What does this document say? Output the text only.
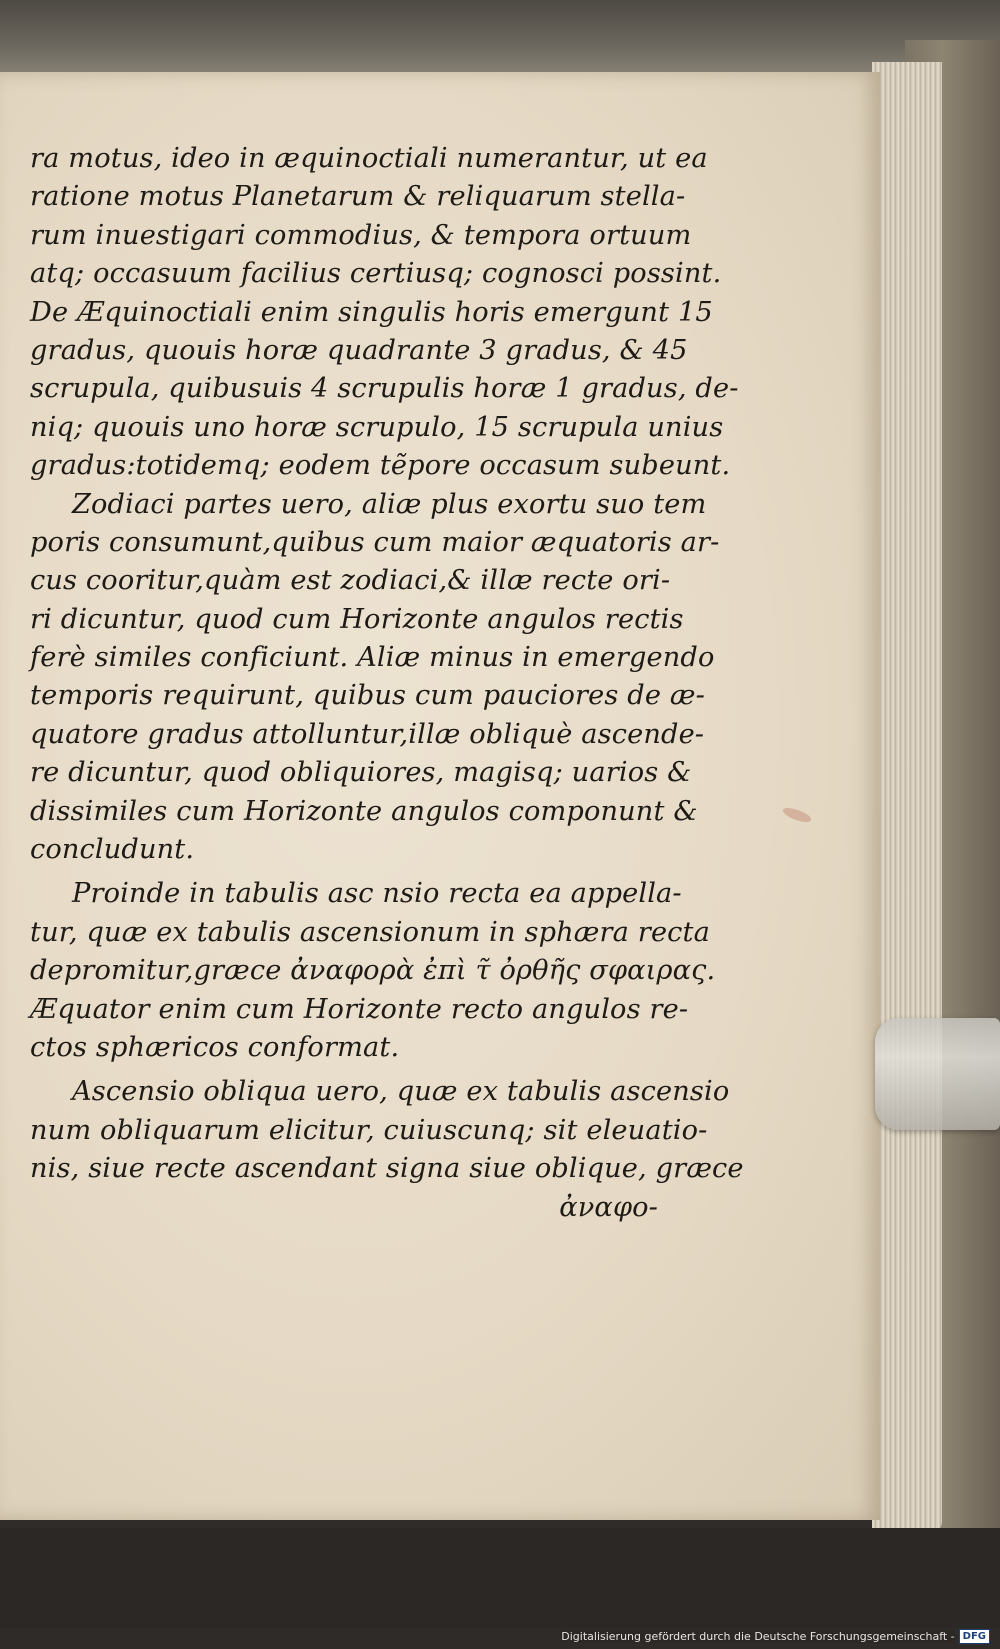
ra motus, ideo in æquinoctiali numerantur, ut ea
ratione motus Planetarum & reliquarum stella-
rum inuestigari commodius, & tempora ortuum
atq; occasuum facilius certiusq; cognosci possint.
De Æquinoctiali enim singulis horis emergunt 15
gradus, quouis horæ quadrante 3 gradus, & 45
scrupula, quibusuis 4 scrupulis horæ 1 gradus, de-
niq; quouis uno horæ scrupulo, 15 scrupula unius
gradus:totidemq; eodem tẽpore occasum subeunt.
Zodiaci partes uero, aliæ plus exortu suo tem
poris consumunt,quibus cum maior æquatoris ar-
cus cooritur,quàm est zodiaci,& illæ recte ori-
ri dicuntur, quod cum Horizonte angulos rectis
ferè similes conficiunt. Aliæ minus in emergendo
temporis requirunt, quibus cum pauciores de æ-
quatore gradus attolluntur,illæ obliquè ascende-
re dicuntur, quod obliquiores, magisq; uarios &
dissimiles cum Horizonte angulos componunt &
concludunt.
Proinde in tabulis asc nsio recta ea appella-
tur, quæ ex tabulis ascensionum in sphæra recta
depromitur,græce ἀναφορὰ ἐπὶ τ̃ ὀρθῆς σφαιρας.
Æquator enim cum Horizonte recto angulos re-
ctos sphæricos conformat.
Ascensio obliqua uero, quæ ex tabulis ascensio
num obliquarum elicitur, cuiuscunq; sit eleuatio-
nis, siue recte ascendant signa siue oblique, græce
ἀναφο-
Digitalisierung gefördert durch die Deutsche Forschungsgemeinschaft - DFG
